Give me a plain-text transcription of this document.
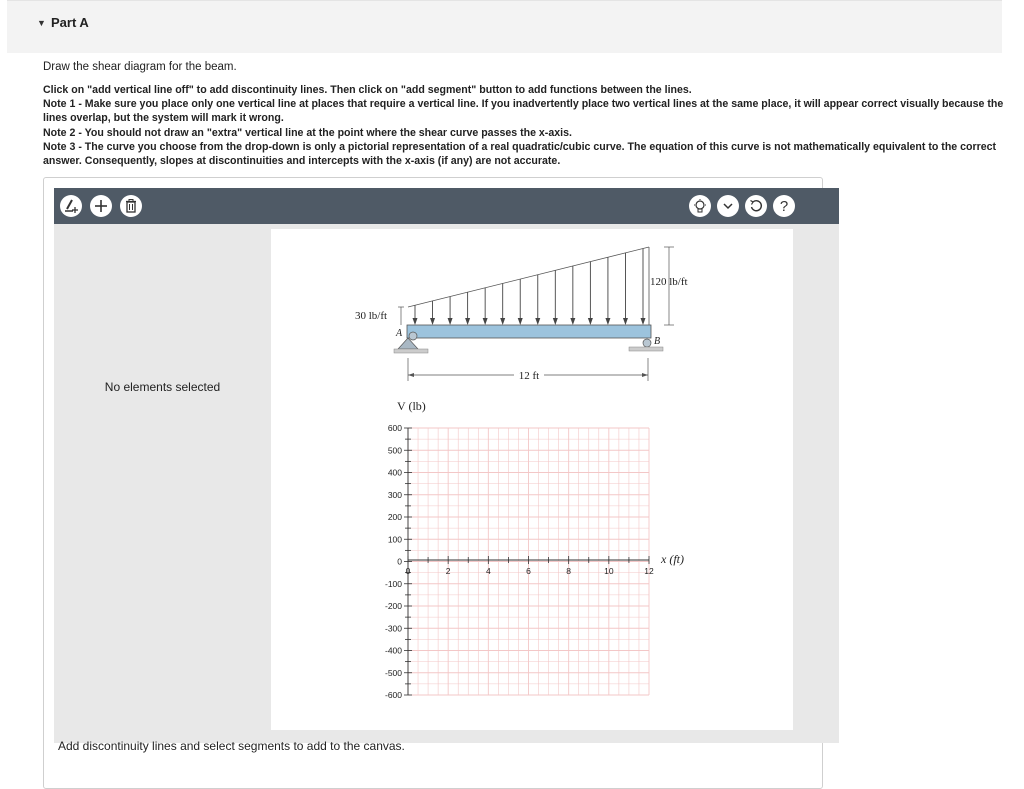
▼ Part A
Draw the shear diagram for the beam.

Click on "add vertical line off" to add discontinuity lines. Then click on "add segment" button to add functions between the lines.

Note 1 - Make sure you place only one vertical line at places that require a vertical line. If you inadvertently place two vertical lines at the same place, it will appear correct visually because the lines overlap, but the system will mark it wrong.

Note 2 - You should not draw an "extra" vertical line at the point where the shear curve passes the x-axis.

Note 3 - The curve you choose from the drop-down is only a pictorial representation of a real quadratic/cubic curve. The equation of this curve is not mathematically equivalent to the correct answer. Consequently, slopes at discontinuities and intercepts with the x-axis (if any) are not accurate.

?
No elements selected
30 lb/ft
120 lb/ft
A
B
12 ft
0	2	4	6	8	10	12
600
500
400
300
200
100
0
-100
-200
-300
-400
-500
-600
V (lb)
x (ft)
Add discontinuity lines and select segments to add to the canvas.
